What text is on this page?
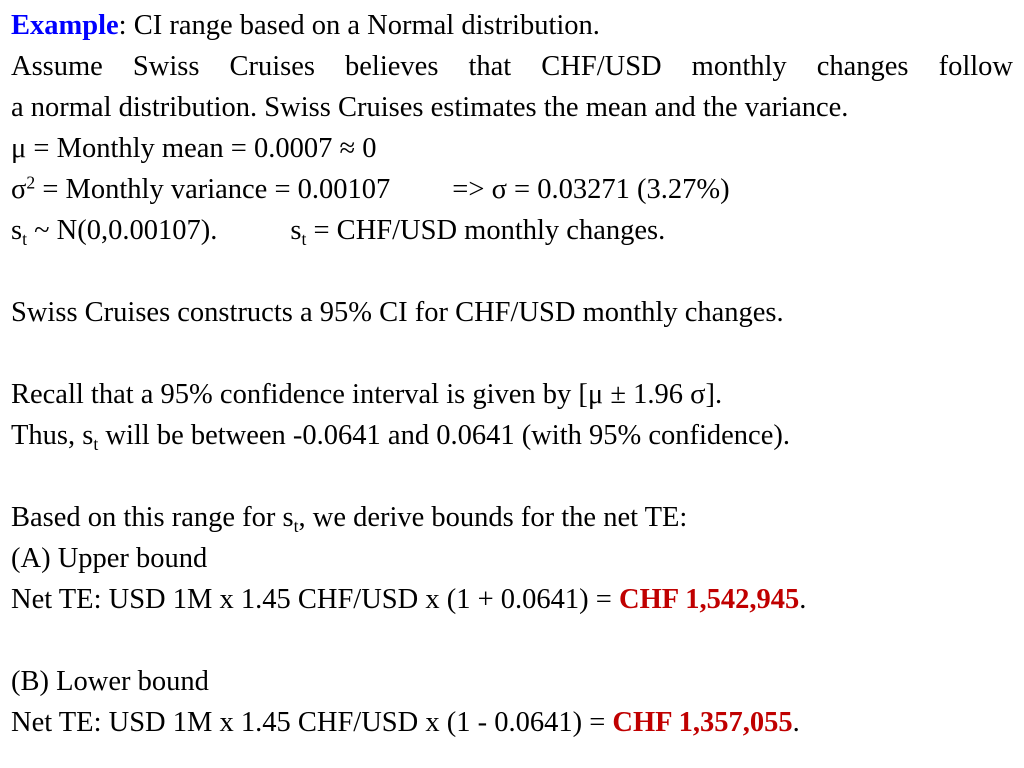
Example: CI range based on a Normal distribution.
Assume Swiss Cruises believes that CHF/USD monthly changes follow
a normal distribution. Swiss Cruises estimates the mean and the variance.
μ = Monthly mean = 0.0007 ≈ 0
$\sigma^2$ = Monthly variance = 0.00107 => σ = 0.03271 (3.27%)
$s_t$ ~ N(0,0.00107).	$s_t = CHF/USD$ monthly changes.
Swiss Cruises constructs a 95% CI for CHF/USD monthly changes.
Recall that a 95% confidence interval is given by [μ ± 1.96 σ].
Thus, $s_t$ will be between -0.0641 and 0.0641 (with 95% confidence).
Based on this range for $s_t$, we derive bounds for the net TE:
(A) Upper bound
Net TE: USD 1M x 1.45 CHF/USD x (1 + 0.0641) = CHF 1,542,945.
(B) Lower bound
Net TE: USD 1M x 1.45 CHF/USD x (1 - 0.0641) = CHF 1,357,055.
